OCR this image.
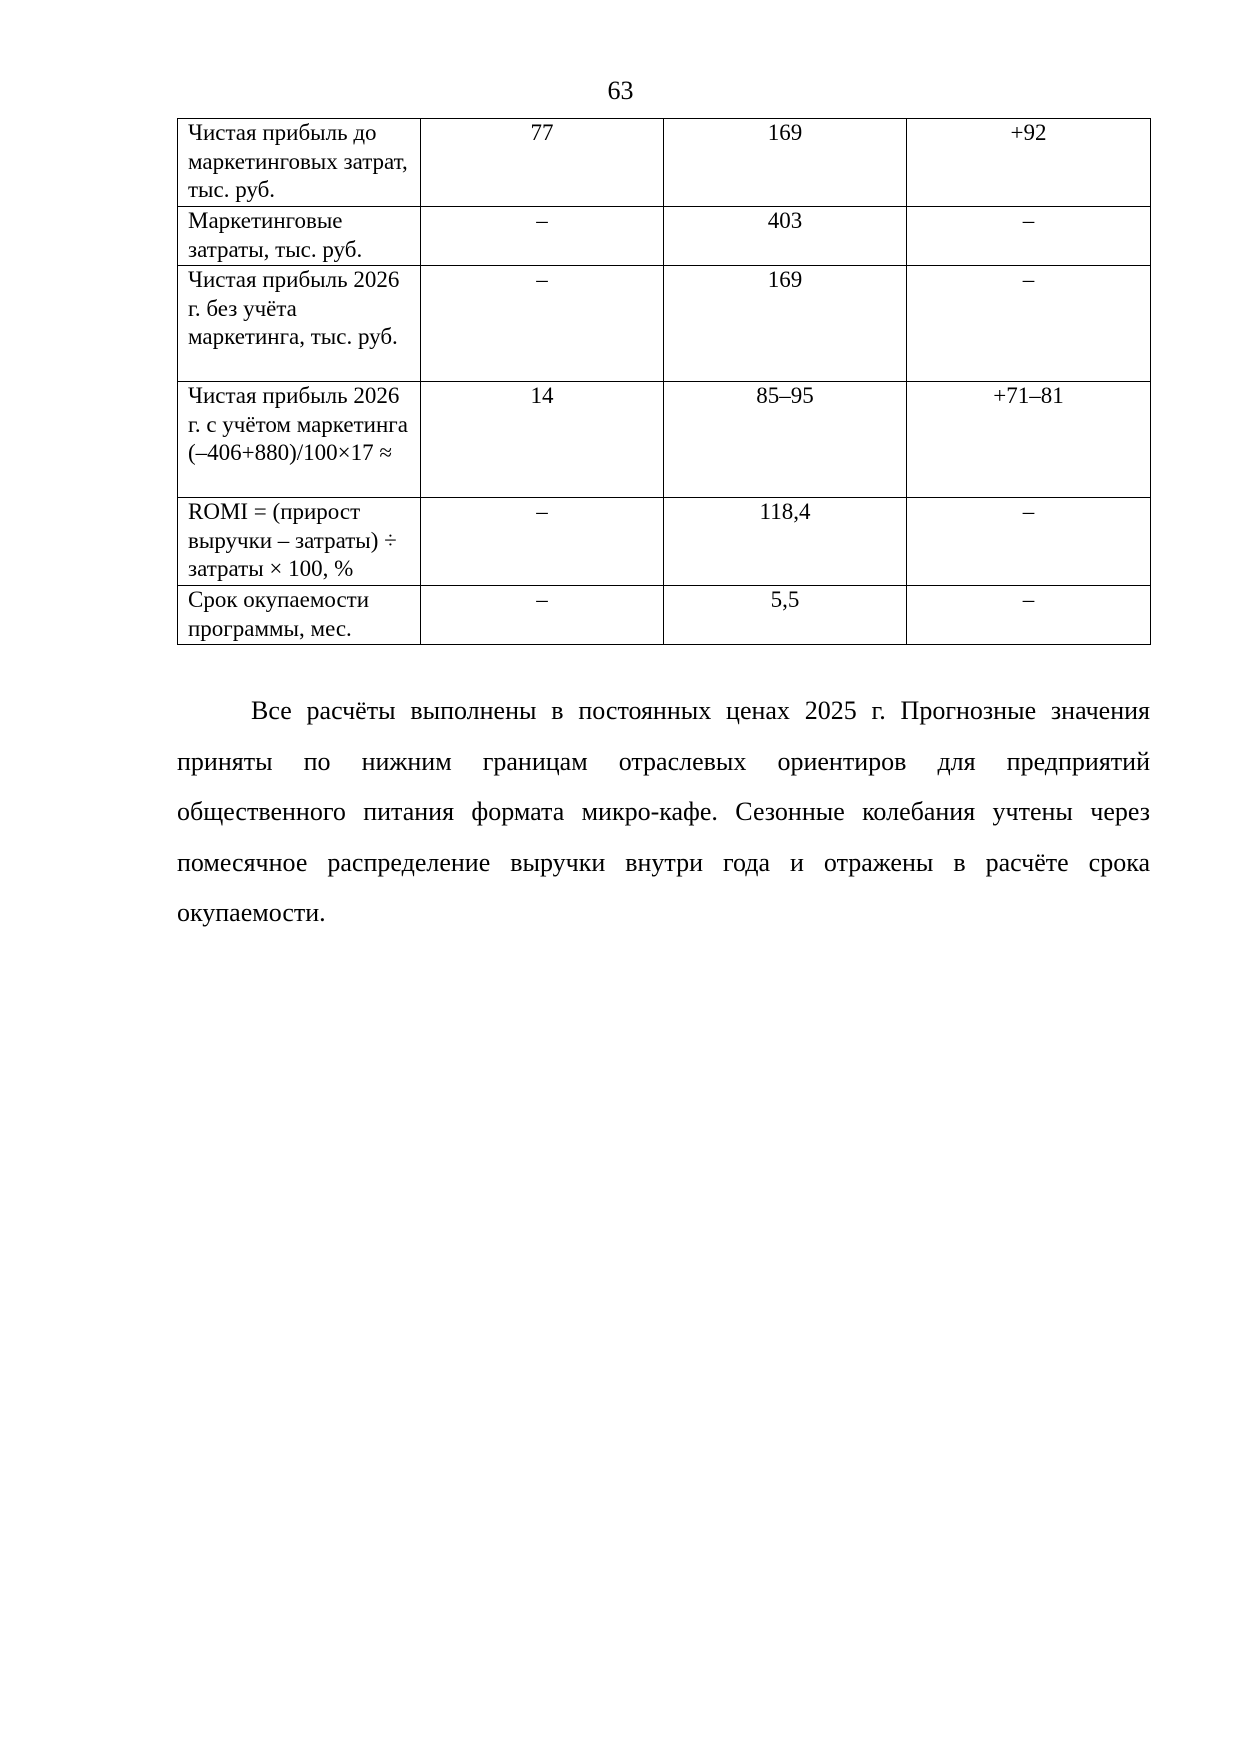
63
Чистая прибыль до маркетинговых затрат, тыс. руб.	77	169	+92
Маркетинговые затраты, тыс. руб.	–	403	–
Чистая прибыль 2026 г. без учёта маркетинга, тыс. руб.	–	169	–
Чистая прибыль 2026 г. с учётом маркетинга (–406+880)/100×17 ≈	14	85–95	+71–81
ROMI = (прирост выручки – затраты) ÷ затраты × 100, %	–	118,4	–
Срок окупаемости программы, мес.	–	5,5	–

Все расчёты выполнены в постоянных ценах 2025 г. Прогнозные значения приняты по нижним границам отраслевых ориентиров для предприятий общественного питания формата микро-кафе. Сезонные колебания учтены через помесячное распределение выручки внутри года и отражены в расчёте срока окупаемости.
